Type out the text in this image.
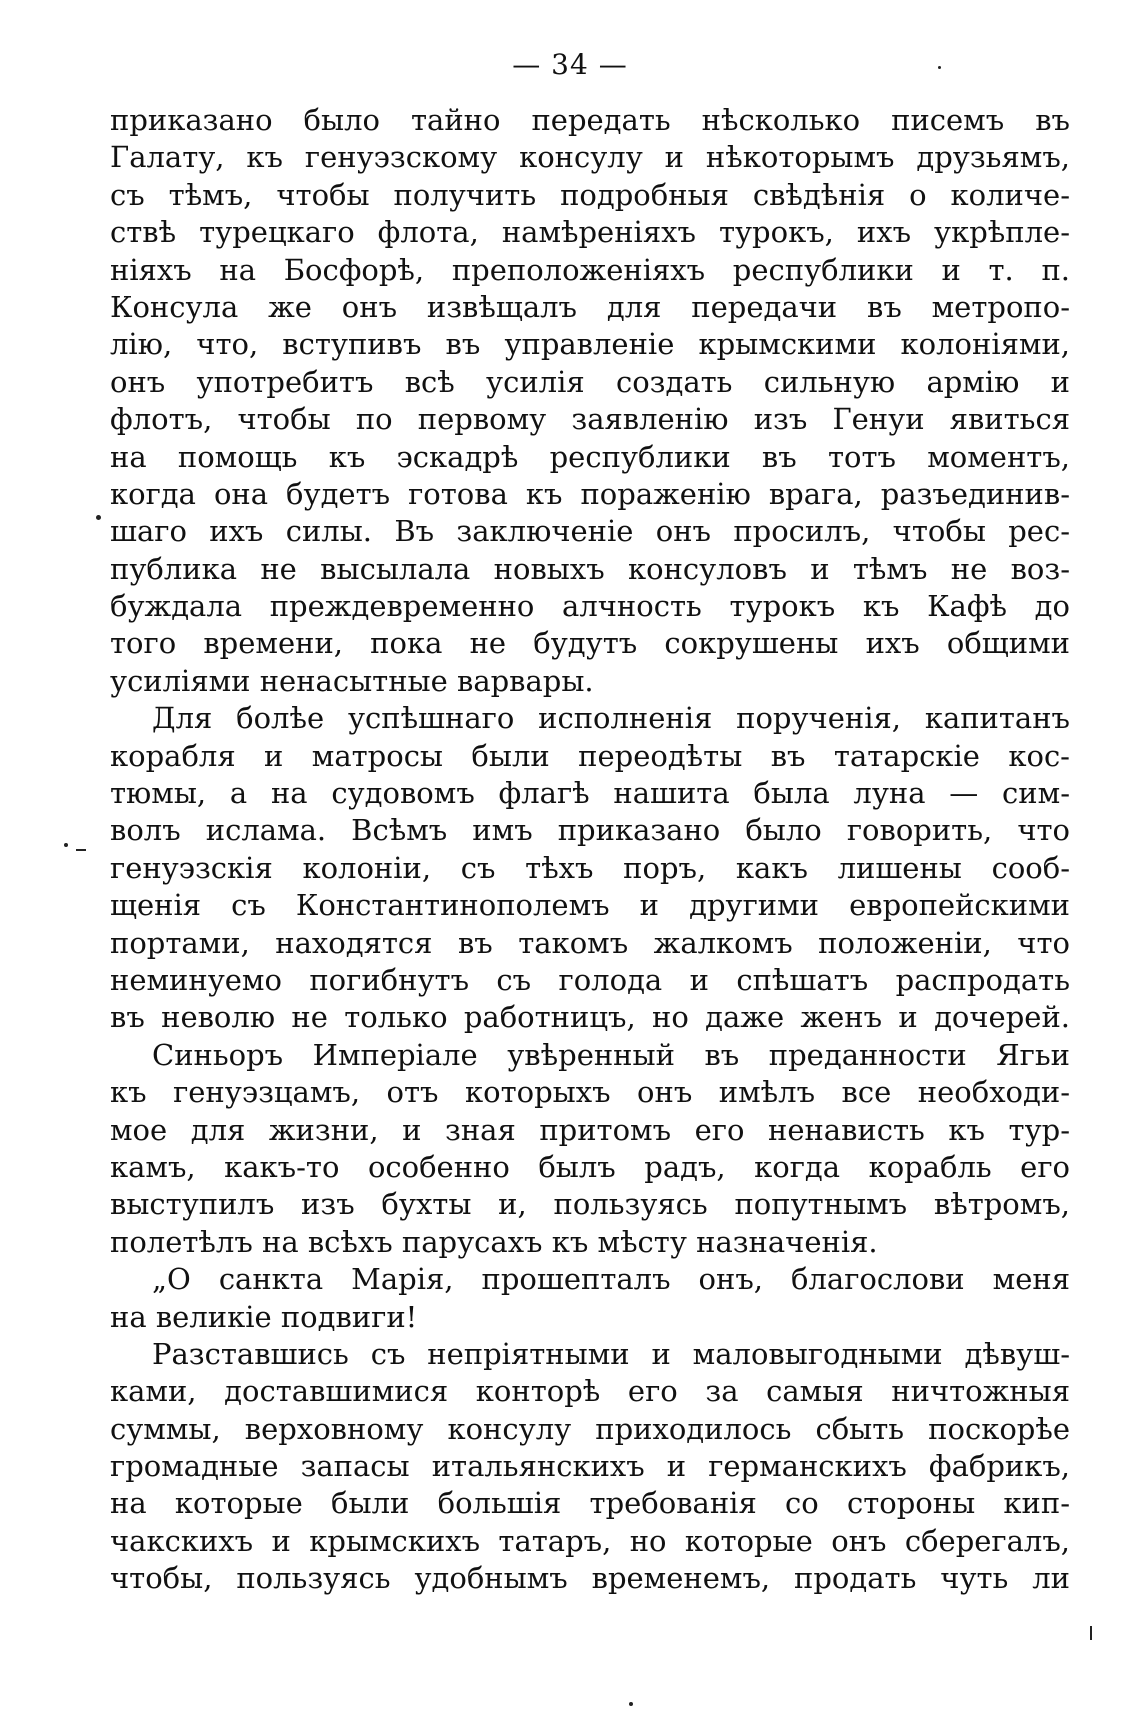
— 34 —
приказано было тайно передать нѣсколько писемъ въ
Галату, къ генуэзскому консулу и нѣкоторымъ друзьямъ,
съ тѣмъ, чтобы получить подробныя свѣдѣнія о количе-
ствѣ турецкаго флота, намѣреніяхъ турокъ, ихъ укрѣпле-
ніяхъ на Босфорѣ, преположеніяхъ республики и т. п.
Консула же онъ извѣщалъ для передачи въ метропо-
лію, что, вступивъ въ управленіе крымскими колоніями,
онъ употребитъ всѣ усилія создать сильную армію и
флотъ, чтобы по первому заявленію изъ Генуи явиться
на помощь къ эскадрѣ республики въ тотъ моментъ,
когда она будетъ готова къ пораженію врага, разъединив-
шаго ихъ силы. Въ заключеніе онъ просилъ, чтобы рес-
публика не высылала новыхъ консуловъ и тѣмъ не воз-
буждала преждевременно алчность турокъ къ Кафѣ до
того времени, пока не будутъ сокрушены ихъ общими
усиліями ненасытные варвары.
Для болѣе успѣшнаго исполненія порученія, капитанъ
корабля и матросы были переодѣты въ татарскіе кос-
тюмы, а на судовомъ флагѣ нашита была луна — сим-
волъ ислама. Всѣмъ имъ приказано было говорить, что
генуэзскія колоніи, съ тѣхъ поръ, какъ лишены сооб-
щенія съ Константинополемъ и другими европейскими
портами, находятся въ такомъ жалкомъ положеніи, что
неминуемо погибнутъ съ голода и спѣшатъ распродать
въ неволю не только работницъ, но даже женъ и дочерей.
Синьоръ Имперіале увѣренный въ преданности Ягьи
къ генуэзцамъ, отъ которыхъ онъ имѣлъ все необходи-
мое для жизни, и зная притомъ его ненависть къ тур-
камъ, какъ-то особенно былъ радъ, когда корабль его
выступилъ изъ бухты и, пользуясь попутнымъ вѣтромъ,
полетѣлъ на всѣхъ парусахъ къ мѣсту назначенія.
„О санкта Марія, прошепталъ онъ, благослови меня
на великіе подвиги!
Разставшись съ непріятными и маловыгодными дѣвуш-
ками, доставшимися конторѣ его за самыя ничтожныя
суммы, верховному консулу приходилось сбыть поскорѣе
громадные запасы итальянскихъ и германскихъ фабрикъ,
на которые были большія требованія со стороны кип-
чакскихъ и крымскихъ татаръ, но которые онъ сберегалъ,
чтобы, пользуясь удобнымъ временемъ, продать чуть ли
